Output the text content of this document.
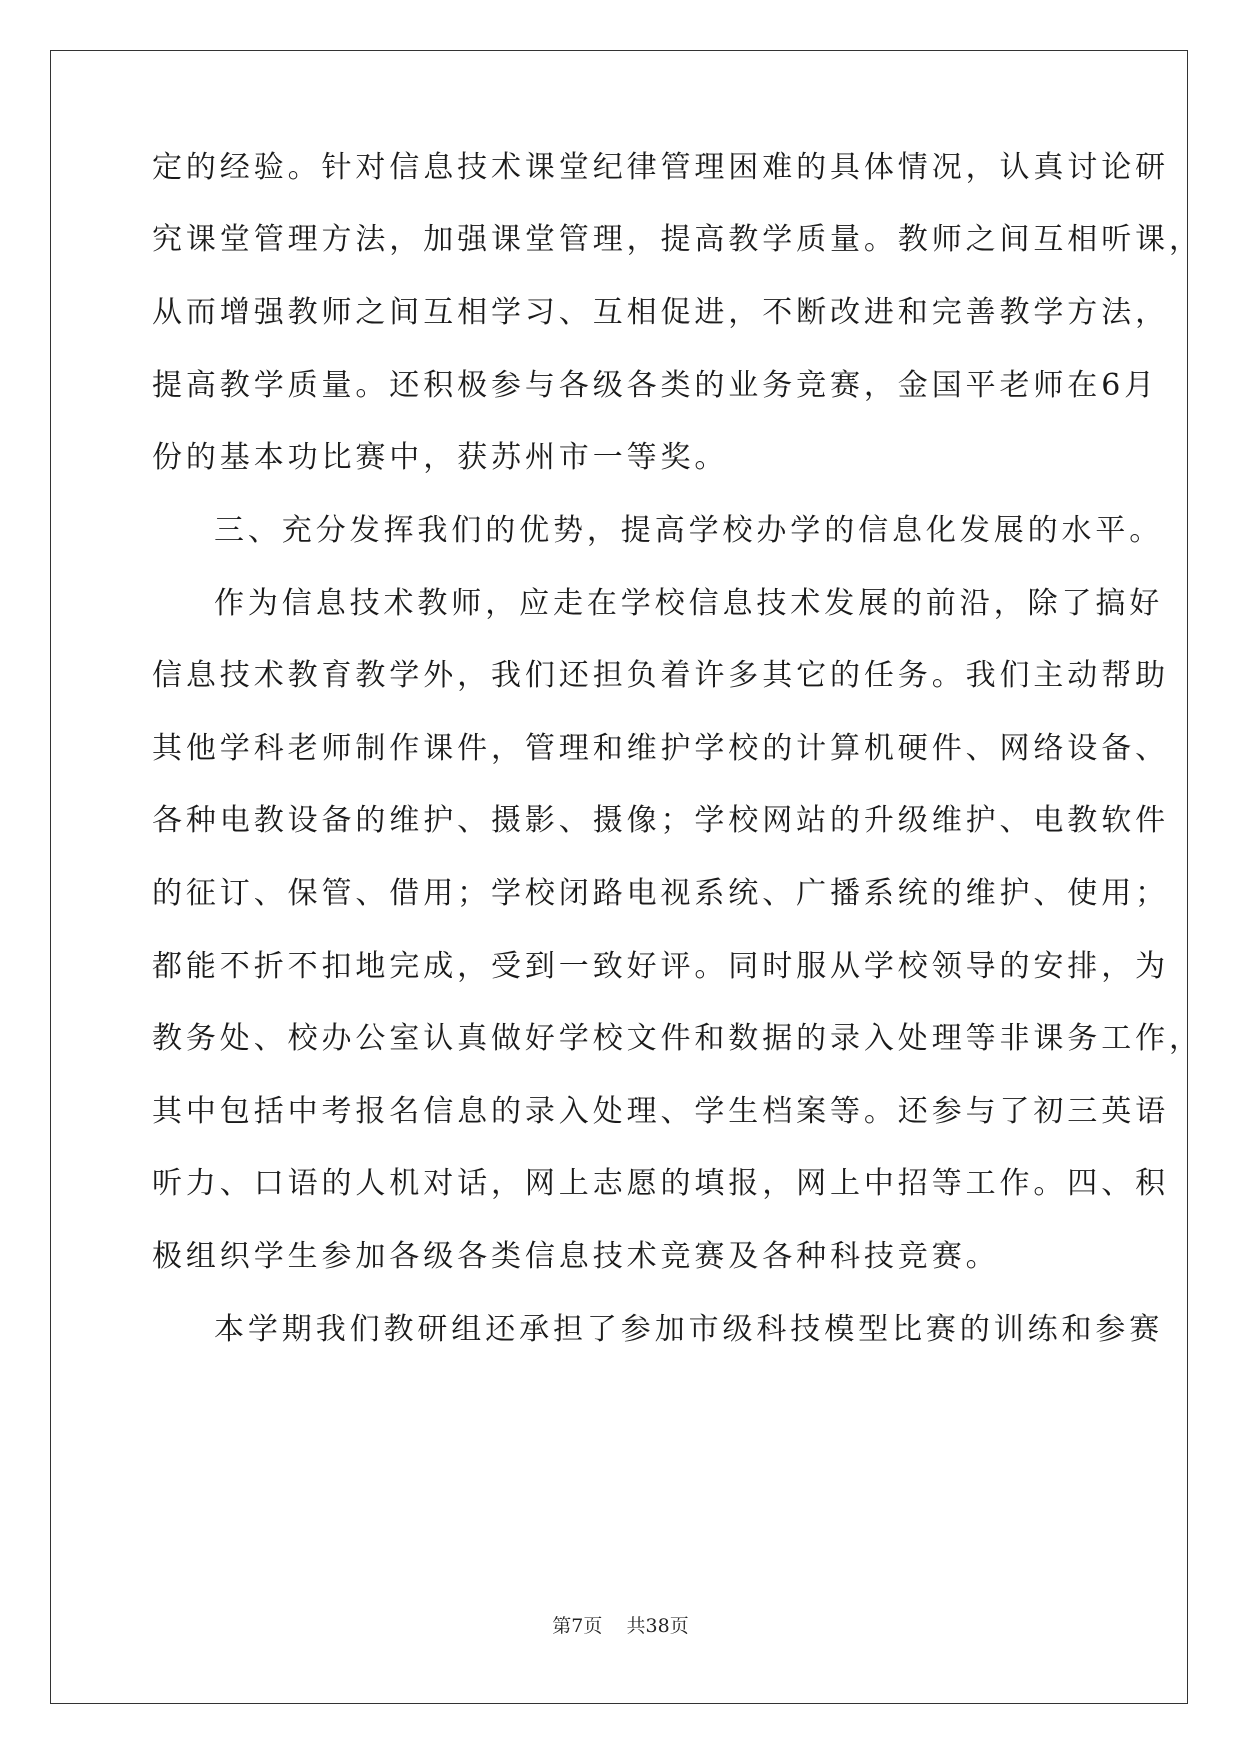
定的经验。针对信息技术课堂纪律管理困难的具体情况，认真讨论研
究课堂管理方法，加强课堂管理，提高教学质量。教师之间互相听课，
从而增强教师之间互相学习、互相促进，不断改进和完善教学方法，
提高教学质量。还积极参与各级各类的业务竞赛，金国平老师在6月
份的基本功比赛中，获苏州市一等奖。
三、充分发挥我们的优势，提高学校办学的信息化发展的水平。
作为信息技术教师，应走在学校信息技术发展的前沿，除了搞好
信息技术教育教学外，我们还担负着许多其它的任务。我们主动帮助
其他学科老师制作课件，管理和维护学校的计算机硬件、网络设备、
各种电教设备的维护、摄影、摄像；学校网站的升级维护、电教软件
的征订、保管、借用；学校闭路电视系统、广播系统的维护、使用；
都能不折不扣地完成，受到一致好评。同时服从学校领导的安排，为
教务处、校办公室认真做好学校文件和数据的录入处理等非课务工作，
其中包括中考报名信息的录入处理、学生档案等。还参与了初三英语
听力、口语的人机对话，网上志愿的填报，网上中招等工作。四、积
极组织学生参加各级各类信息技术竞赛及各种科技竞赛。
本学期我们教研组还承担了参加市级科技模型比赛的训练和参赛
第7页 共38页
